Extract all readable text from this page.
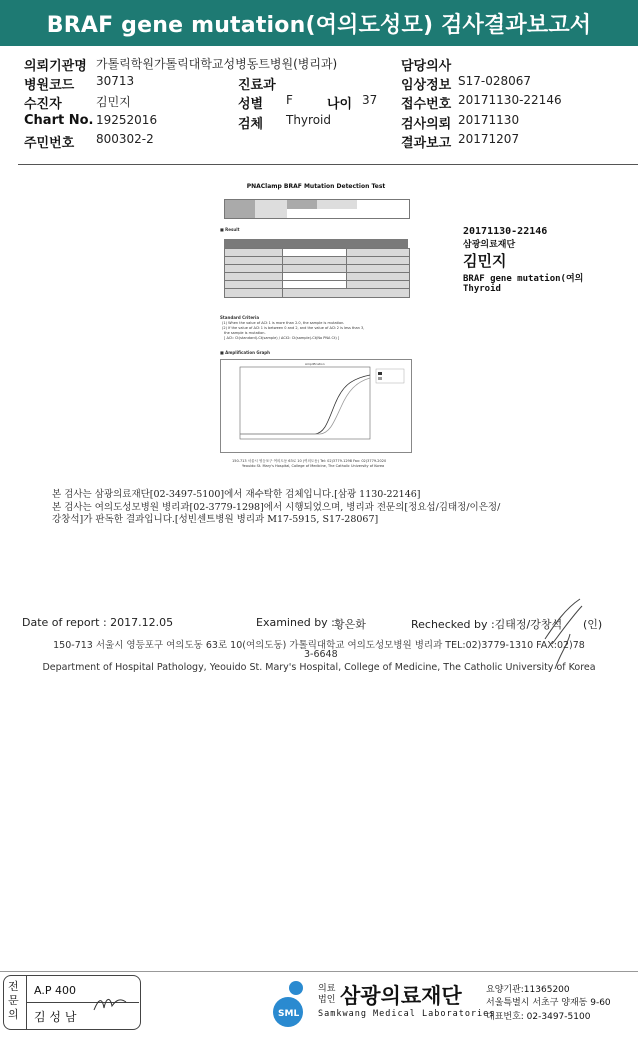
BRAF gene mutation(여의도성모) 검사결과보고서
의뢰기관명 가톨릭학원가톨릭대학교성병동트병원(병리과)	담당의사
병원코드 30713	진료과	임상정보 S17-028067
수진자	김민지	성별 F	나이 37 접수번호 20171130-22146
Chart No. 19252016	검체 Thyroid	검사의뢰 20171130
주민번호 800302-2	결과보고 20171207
PNAClamp BRAF Mutation Detection Test
■ Result
Standard Criteria
(1) When the value of ΔCt 1 is more than 2.0, the sample is mutation.
(2) If the value of ΔCt 1 is between 0 and 2, and the value of ΔCt 2 is less than 3,
the sample is mutation.
[ ΔCt: Ct(standard)-Ct(sample) / ΔCt2: Ct(sample)-Ct(No PNA Ct) ]
■ Amplification Graph
Amplification
150-713 서울시 영등포구 여의도동 63로 10 (여의도동) Tel: 02)3779-1298 Fax: 02)3779-2020
Yeouido St. Mary's Hospital, College of Medicine, The Catholic University of Korea
20171130-22146
삼광의료재단
김민지
BRAF gene mutation(여의
Thyroid
본 검사는 삼광의료재단[02-3497-5100]에서 재수탁한 검체입니다.[삼광 1130-22146]
본 검사는 여의도성모병원 병리과[02-3779-1298]에서 시행되었으며, 병리과 전문의[정요섭/김태정/이은정/
강창석]가 판독한 결과입니다.[성빈센트병원 병리과 M17-5915, S17-28067]
Date of report : 2017.12.05	Examined by : 황은화	Rechecked by :김태정/강창석 (인)
150-713 서울시 영등포구 여의도동 63로 10(여의도동) 가톨릭대학교 여의도성모병원 병리과 TEL:02)3779-1310 FAX:02)78
3-6648
Department of Hospital Pathology, Yeouido St. Mary's Hospital, College of Medicine, The Catholic University of Korea
전문의
A.P 400
김 성 남	SML
의료 법인 삼광의료재단
Samkwang Medical Laboratories
요양기관:11365200
서울특별시 서초구 양재동 9-60
대표번호: 02-3497-5100
